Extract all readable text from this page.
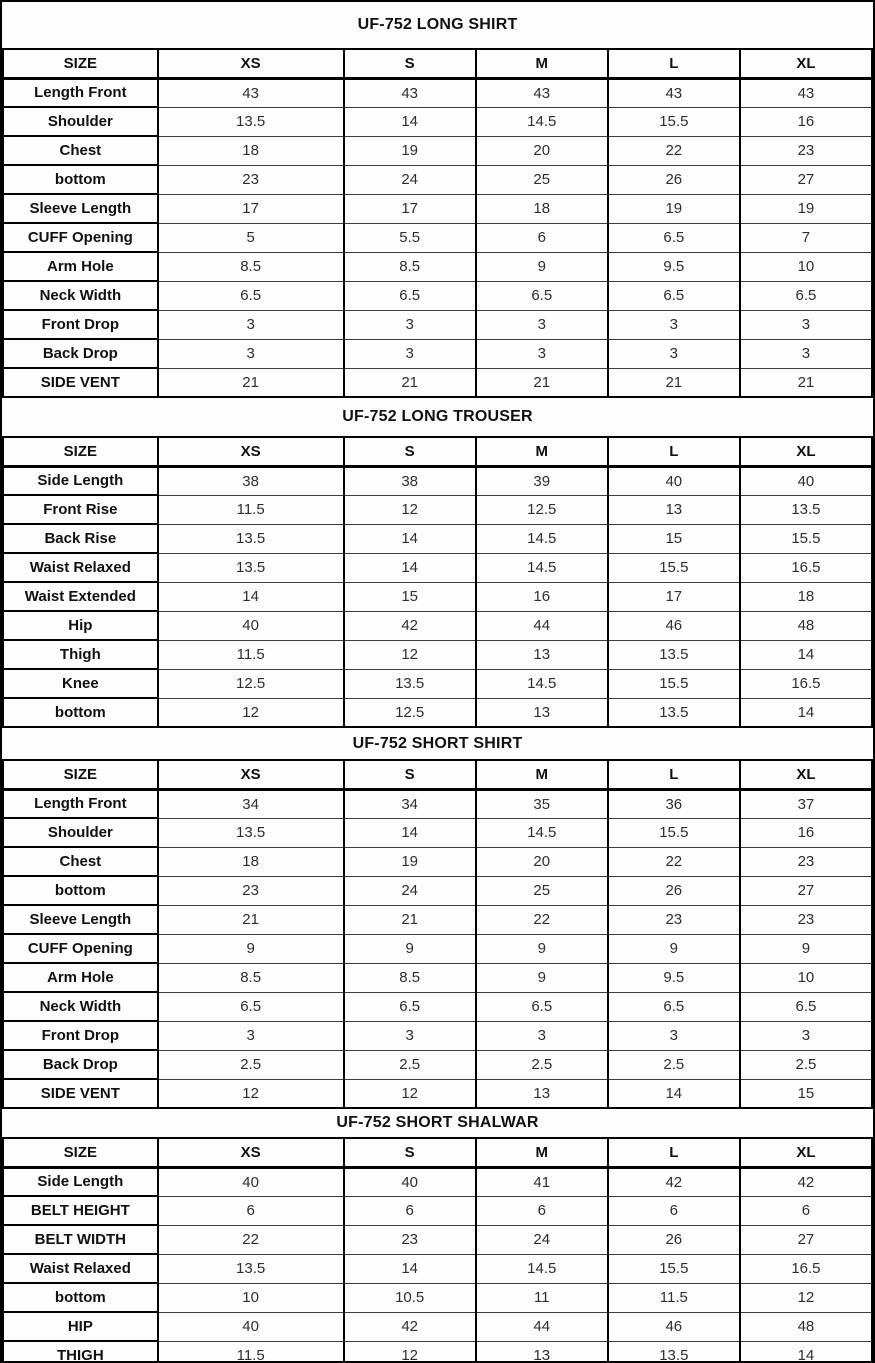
UF-752 LONG SHIRT
SIZE	XS	S	M	L	XL
Length Front	43	43	43	43	43
Shoulder	13.5	14	14.5	15.5	16
Chest	18	19	20	22	23
bottom	23	24	25	26	27
Sleeve Length	17	17	18	19	19
CUFF Opening	5	5.5	6	6.5	7
Arm Hole	8.5	8.5	9	9.5	10
Neck Width	6.5	6.5	6.5	6.5	6.5
Front Drop	3	3	3	3	3
Back Drop	3	3	3	3	3
SIDE VENT	21	21	21	21	21
UF-752 LONG TROUSER
SIZE	XS	S	M	L	XL
Side Length	38	38	39	40	40
Front Rise	11.5	12	12.5	13	13.5
Back Rise	13.5	14	14.5	15	15.5
Waist Relaxed	13.5	14	14.5	15.5	16.5
Waist Extended	14	15	16	17	18
Hip	40	42	44	46	48
Thigh	11.5	12	13	13.5	14
Knee	12.5	13.5	14.5	15.5	16.5
bottom	12	12.5	13	13.5	14
UF-752 SHORT SHIRT
SIZE	XS	S	M	L	XL
Length Front	34	34	35	36	37
Shoulder	13.5	14	14.5	15.5	16
Chest	18	19	20	22	23
bottom	23	24	25	26	27
Sleeve Length	21	21	22	23	23
CUFF Opening	9	9	9	9	9
Arm Hole	8.5	8.5	9	9.5	10
Neck Width	6.5	6.5	6.5	6.5	6.5
Front Drop	3	3	3	3	3
Back Drop	2.5	2.5	2.5	2.5	2.5
SIDE VENT	12	12	13	14	15
UF-752 SHORT SHALWAR
SIZE	XS	S	M	L	XL
Side Length	40	40	41	42	42
BELT HEIGHT	6	6	6	6	6
BELT WIDTH	22	23	24	26	27
Waist Relaxed	13.5	14	14.5	15.5	16.5
bottom	10	10.5	11	11.5	12
HIP	40	42	44	46	48
THIGH	11.5	12	13	13.5	14
